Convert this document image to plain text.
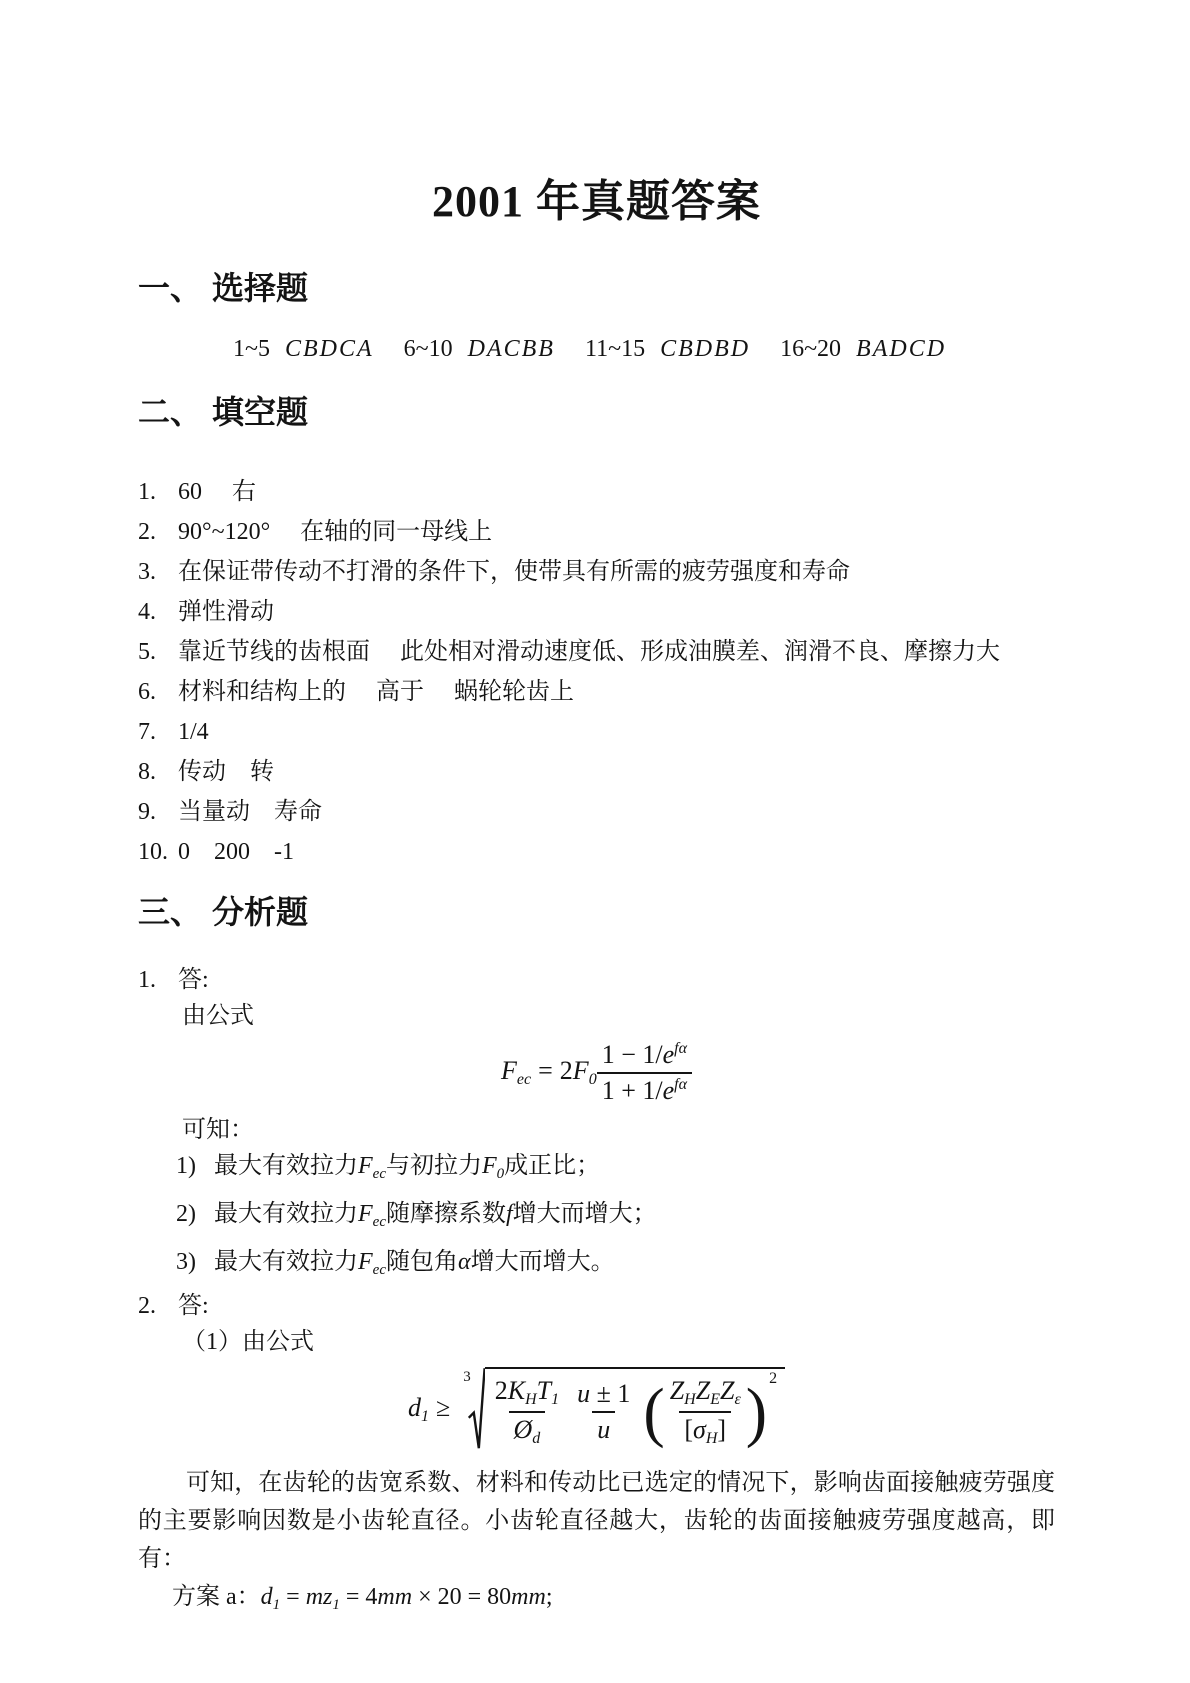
2001 年真题答案
一、 选择题
1~5 CBDCA 6~10 DACBB 11~15 CBDBD 16~20 BADCD
二、 填空题
1. 60　 右
2. 90°~120°　 在轴的同一母线上
3. 在保证带传动不打滑的条件下，使带具有所需的疲劳强度和寿命
4. 弹性滑动
5. 靠近节线的齿根面　 此处相对滑动速度低、形成油膜差、润滑不良、摩擦力大
6. 材料和结构上的　 高于　 蜗轮轮齿上
7. 1/4
8. 传动　转
9. 当量动　寿命
10. 0　200　-1
三、 分析题
1. 答:
由公式
Fec = $2F0 \frac{1 - 1/e^{f\alpha}}{1 + 1/e^{f\alpha}}$
可知：
1) 最大有效拉力$F_{ec}$与初拉力$F_0$成正比；
2) 最大有效拉力$F_{ec}$随摩擦系数f增大而增大；
3) 最大有效拉力$F_{ec}$随包角α增大而增大。
2. 答:
（1）由公式
d1 ≥
$3 \frac{\text{2KHT1}}{Ød} \frac{u \pm 1}{u}$ ( $\frac{\text{ZHZEZε}}{[\sigma H]}$ ) 2

可知，在齿轮的齿宽系数、材料和传动比已选定的情况下，影响齿面接触疲劳强度的主要影响因数是小齿轮直径。小齿轮直径越大，齿轮的齿面接触疲劳强度越高，即有：

方案 a：$d_1 = mz_1 = 4mm \times 20 = 80mm$;
